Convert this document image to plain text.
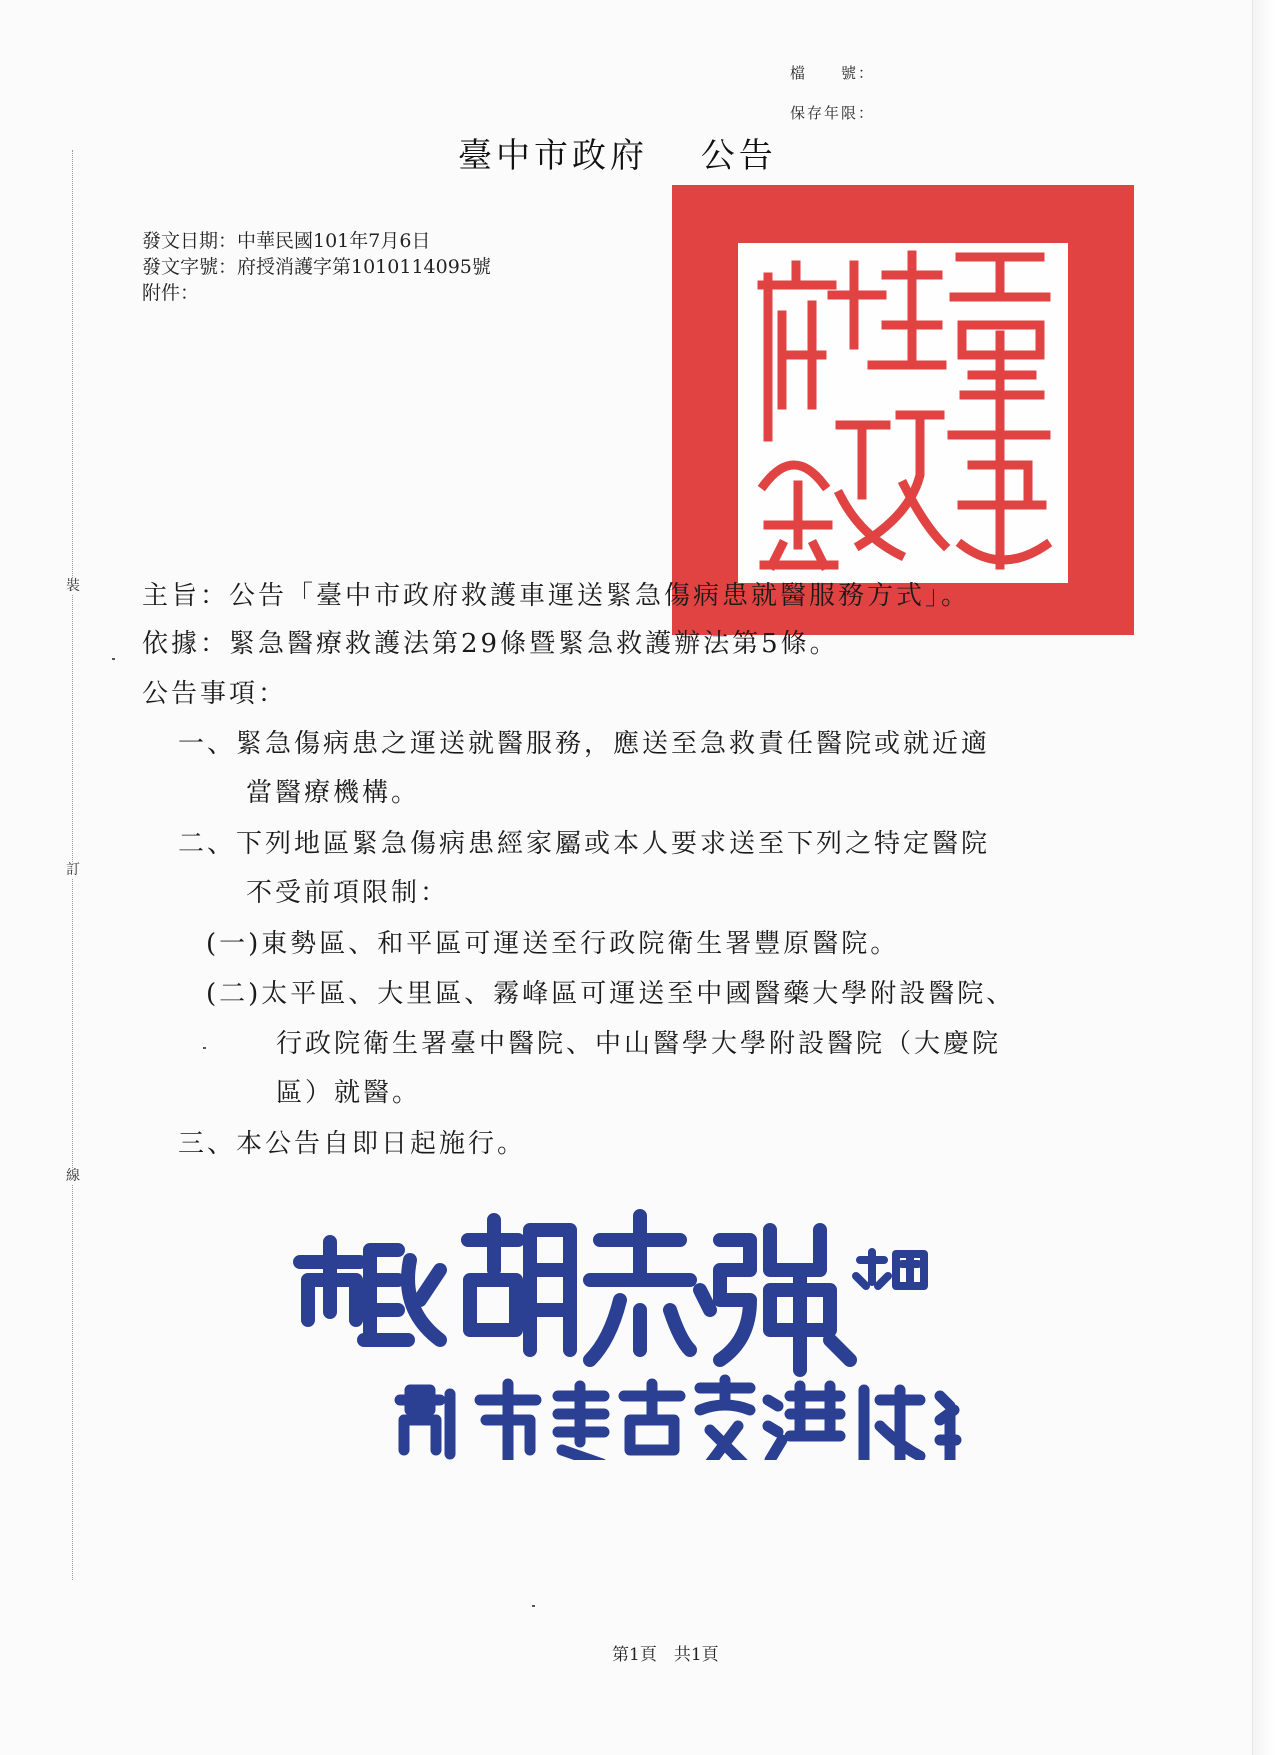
檔　　號：
保存年限：
裝
訂
線
臺中市政府　 公告
發文日期：中華民國101年7月6日
發文字號：府授消護字第1010114095號
附件：
主旨：公告「臺中市政府救護車運送緊急傷病患就醫服務方式」。
依據：緊急醫療救護法第29條暨緊急救護辦法第5條。
公告事項：
一、緊急傷病患之運送就醫服務，應送至急救責任醫院或就近適
當醫療機構。
二、下列地區緊急傷病患經家屬或本人要求送至下列之特定醫院
不受前項限制：
(一)東勢區、和平區可運送至行政院衛生署豐原醫院。
(二)太平區、大里區、霧峰區可運送至中國醫藥大學附設醫院、
行政院衛生署臺中醫院、中山醫學大學附設醫院（大慶院
區）就醫。
三、本公告自即日起施行。
第1頁　共1頁
